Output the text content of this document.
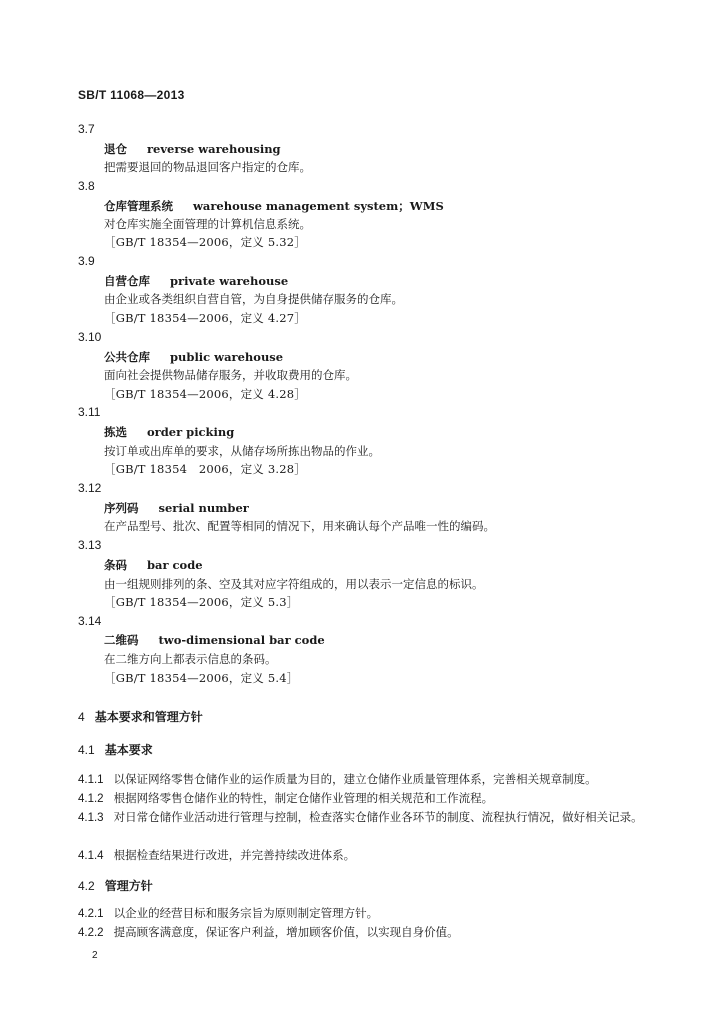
SB/T 11068—2013
3.7
退仓 reverse warehousing
把需要退回的物品退回客户指定的仓库。
3.8
仓库管理系统 warehouse management system；WMS
对仓库实施全面管理的计算机信息系统。
［GB/T 18354—2006，定义 5.32］
3.9
自营仓库 private warehouse
由企业或各类组织自营自管，为自身提供储存服务的仓库。
［GB/T 18354—2006，定义 4.27］
3.10
公共仓库 public warehouse
面向社会提供物品储存服务，并收取费用的仓库。
［GB/T 18354—2006，定义 4.28］
3.11
拣选 order picking
按订单或出库单的要求，从储存场所拣出物品的作业。
［GB/T 18354　2006，定义 3.28］
3.12
序列码 serial number
在产品型号、批次、配置等相同的情况下，用来确认每个产品唯一性的编码。
3.13
条码 bar code
由一组规则排列的条、空及其对应字符组成的，用以表示一定信息的标识。
［GB/T 18354—2006，定义 5.3］
3.14
二维码 two-dimensional bar code
在二维方向上都表示信息的条码。
［GB/T 18354—2006，定义 5.4］
4 基本要求和管理方针
4.1 基本要求
4.1.1 以保证网络零售仓储作业的运作质量为目的，建立仓储作业质量管理体系，完善相关规章制度。
4.1.2 根据网络零售仓储作业的特性，制定仓储作业管理的相关规范和工作流程。
4.1.3 对日常仓储作业活动进行管理与控制，检查落实仓储作业各环节的制度、流程执行情况，做好相关记录。
4.1.4 根据检查结果进行改进，并完善持续改进体系。
4.2 管理方针
4.2.1 以企业的经营目标和服务宗旨为原则制定管理方针。
4.2.2 提高顾客满意度，保证客户利益，增加顾客价值，以实现自身价值。
2
